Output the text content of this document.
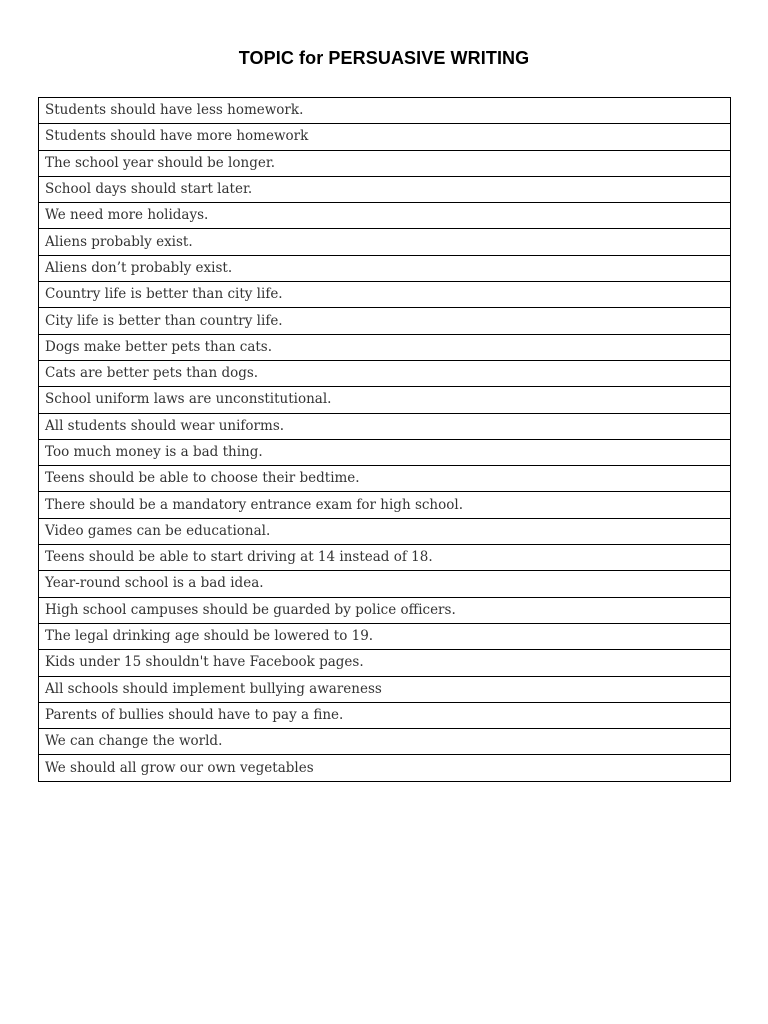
TOPIC for PERSUASIVE WRITING
Students should have less homework.
Students should have more homework
The school year should be longer.
School days should start later.
We need more holidays.
Aliens probably exist.
Aliens don’t probably exist.
Country life is better than city life.
City life is better than country life.
Dogs make better pets than cats.
Cats are better pets than dogs.
School uniform laws are unconstitutional.
All students should wear uniforms.
Too much money is a bad thing.
Teens should be able to choose their bedtime.
There should be a mandatory entrance exam for high school.
Video games can be educational.
Teens should be able to start driving at 14 instead of 18.
Year-round school is a bad idea.
High school campuses should be guarded by police officers.
The legal drinking age should be lowered to 19.
Kids under 15 shouldn't have Facebook pages.
All schools should implement bullying awareness
Parents of bullies should have to pay a fine.
We can change the world.
We should all grow our own vegetables
